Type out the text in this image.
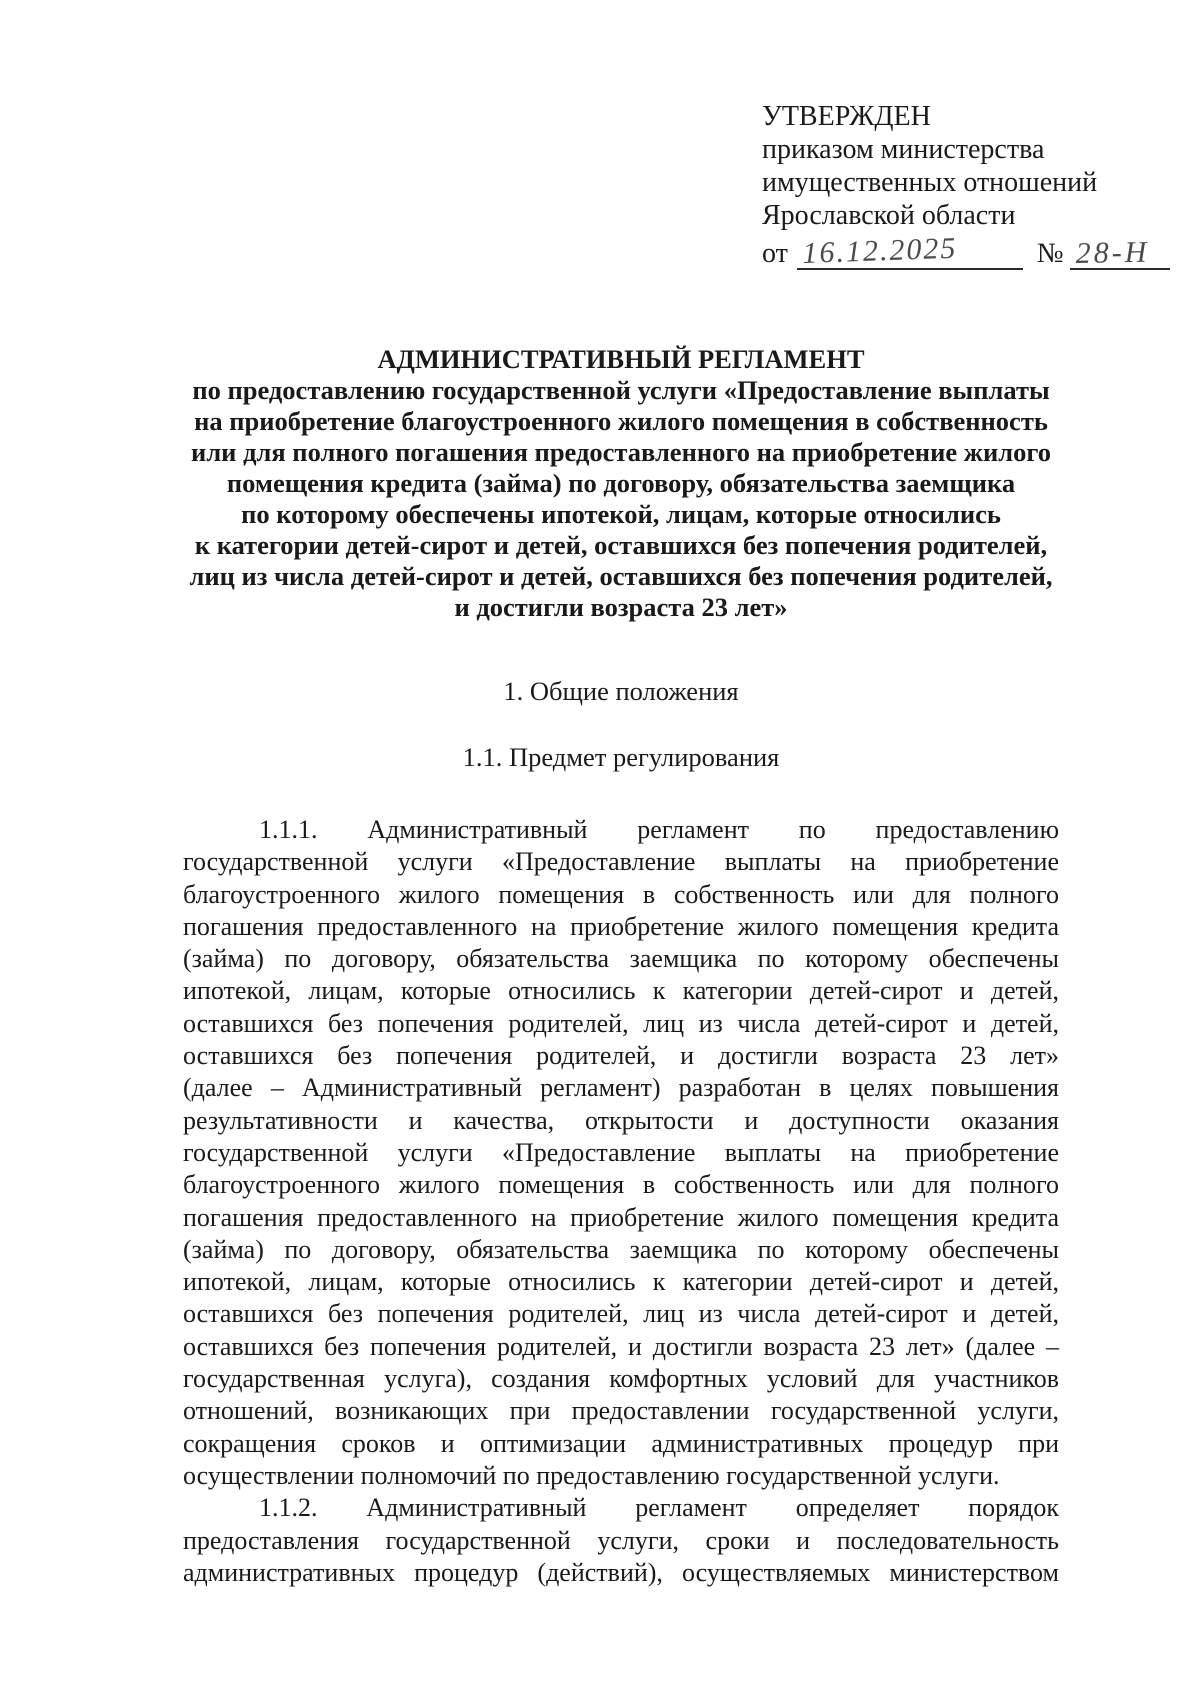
УТВЕРЖДЕН
приказом министерства
имущественных отношений
Ярославской области
от 16.12.2025	№ 28-Н
АДМИНИСТРАТИВНЫЙ РЕГЛАМЕНТ
по предоставлению государственной услуги «Предоставление выплаты
на приобретение благоустроенного жилого помещения в собственность
или для полного погашения предоставленного на приобретение жилого
помещения кредита (займа) по договору, обязательства заемщика
по которому обеспечены ипотекой, лицам, которые относились
к категории детей-сирот и детей, оставшихся без попечения родителей,
лиц из числа детей-сирот и детей, оставшихся без попечения родителей,
и достигли возраста 23 лет»
1. Общие положения
1.1. Предмет регулирования
1.1.1. Административный регламент по предоставлению
государственной услуги «Предоставление выплаты на приобретение
благоустроенного жилого помещения в собственность или для полного
погашения предоставленного на приобретение жилого помещения кредита
(займа) по договору, обязательства заемщика по которому обеспечены
ипотекой, лицам, которые относились к категории детей-сирот и детей,
оставшихся без попечения родителей, лиц из числа детей-сирот и детей,
оставшихся без попечения родителей, и достигли возраста 23 лет»
(далее – Административный регламент) разработан в целях повышения
результативности и качества, открытости и доступности оказания
государственной услуги «Предоставление выплаты на приобретение
благоустроенного жилого помещения в собственность или для полного
погашения предоставленного на приобретение жилого помещения кредита
(займа) по договору, обязательства заемщика по которому обеспечены
ипотекой, лицам, которые относились к категории детей-сирот и детей,
оставшихся без попечения родителей, лиц из числа детей-сирот и детей,
оставшихся без попечения родителей, и достигли возраста 23 лет» (далее –
государственная услуга), создания комфортных условий для участников
отношений, возникающих при предоставлении государственной услуги,
сокращения сроков и оптимизации административных процедур при
осуществлении полномочий по предоставлению государственной услуги.
1.1.2. Административный регламент определяет порядок
предоставления государственной услуги, сроки и последовательность
административных процедур (действий), осуществляемых министерством
